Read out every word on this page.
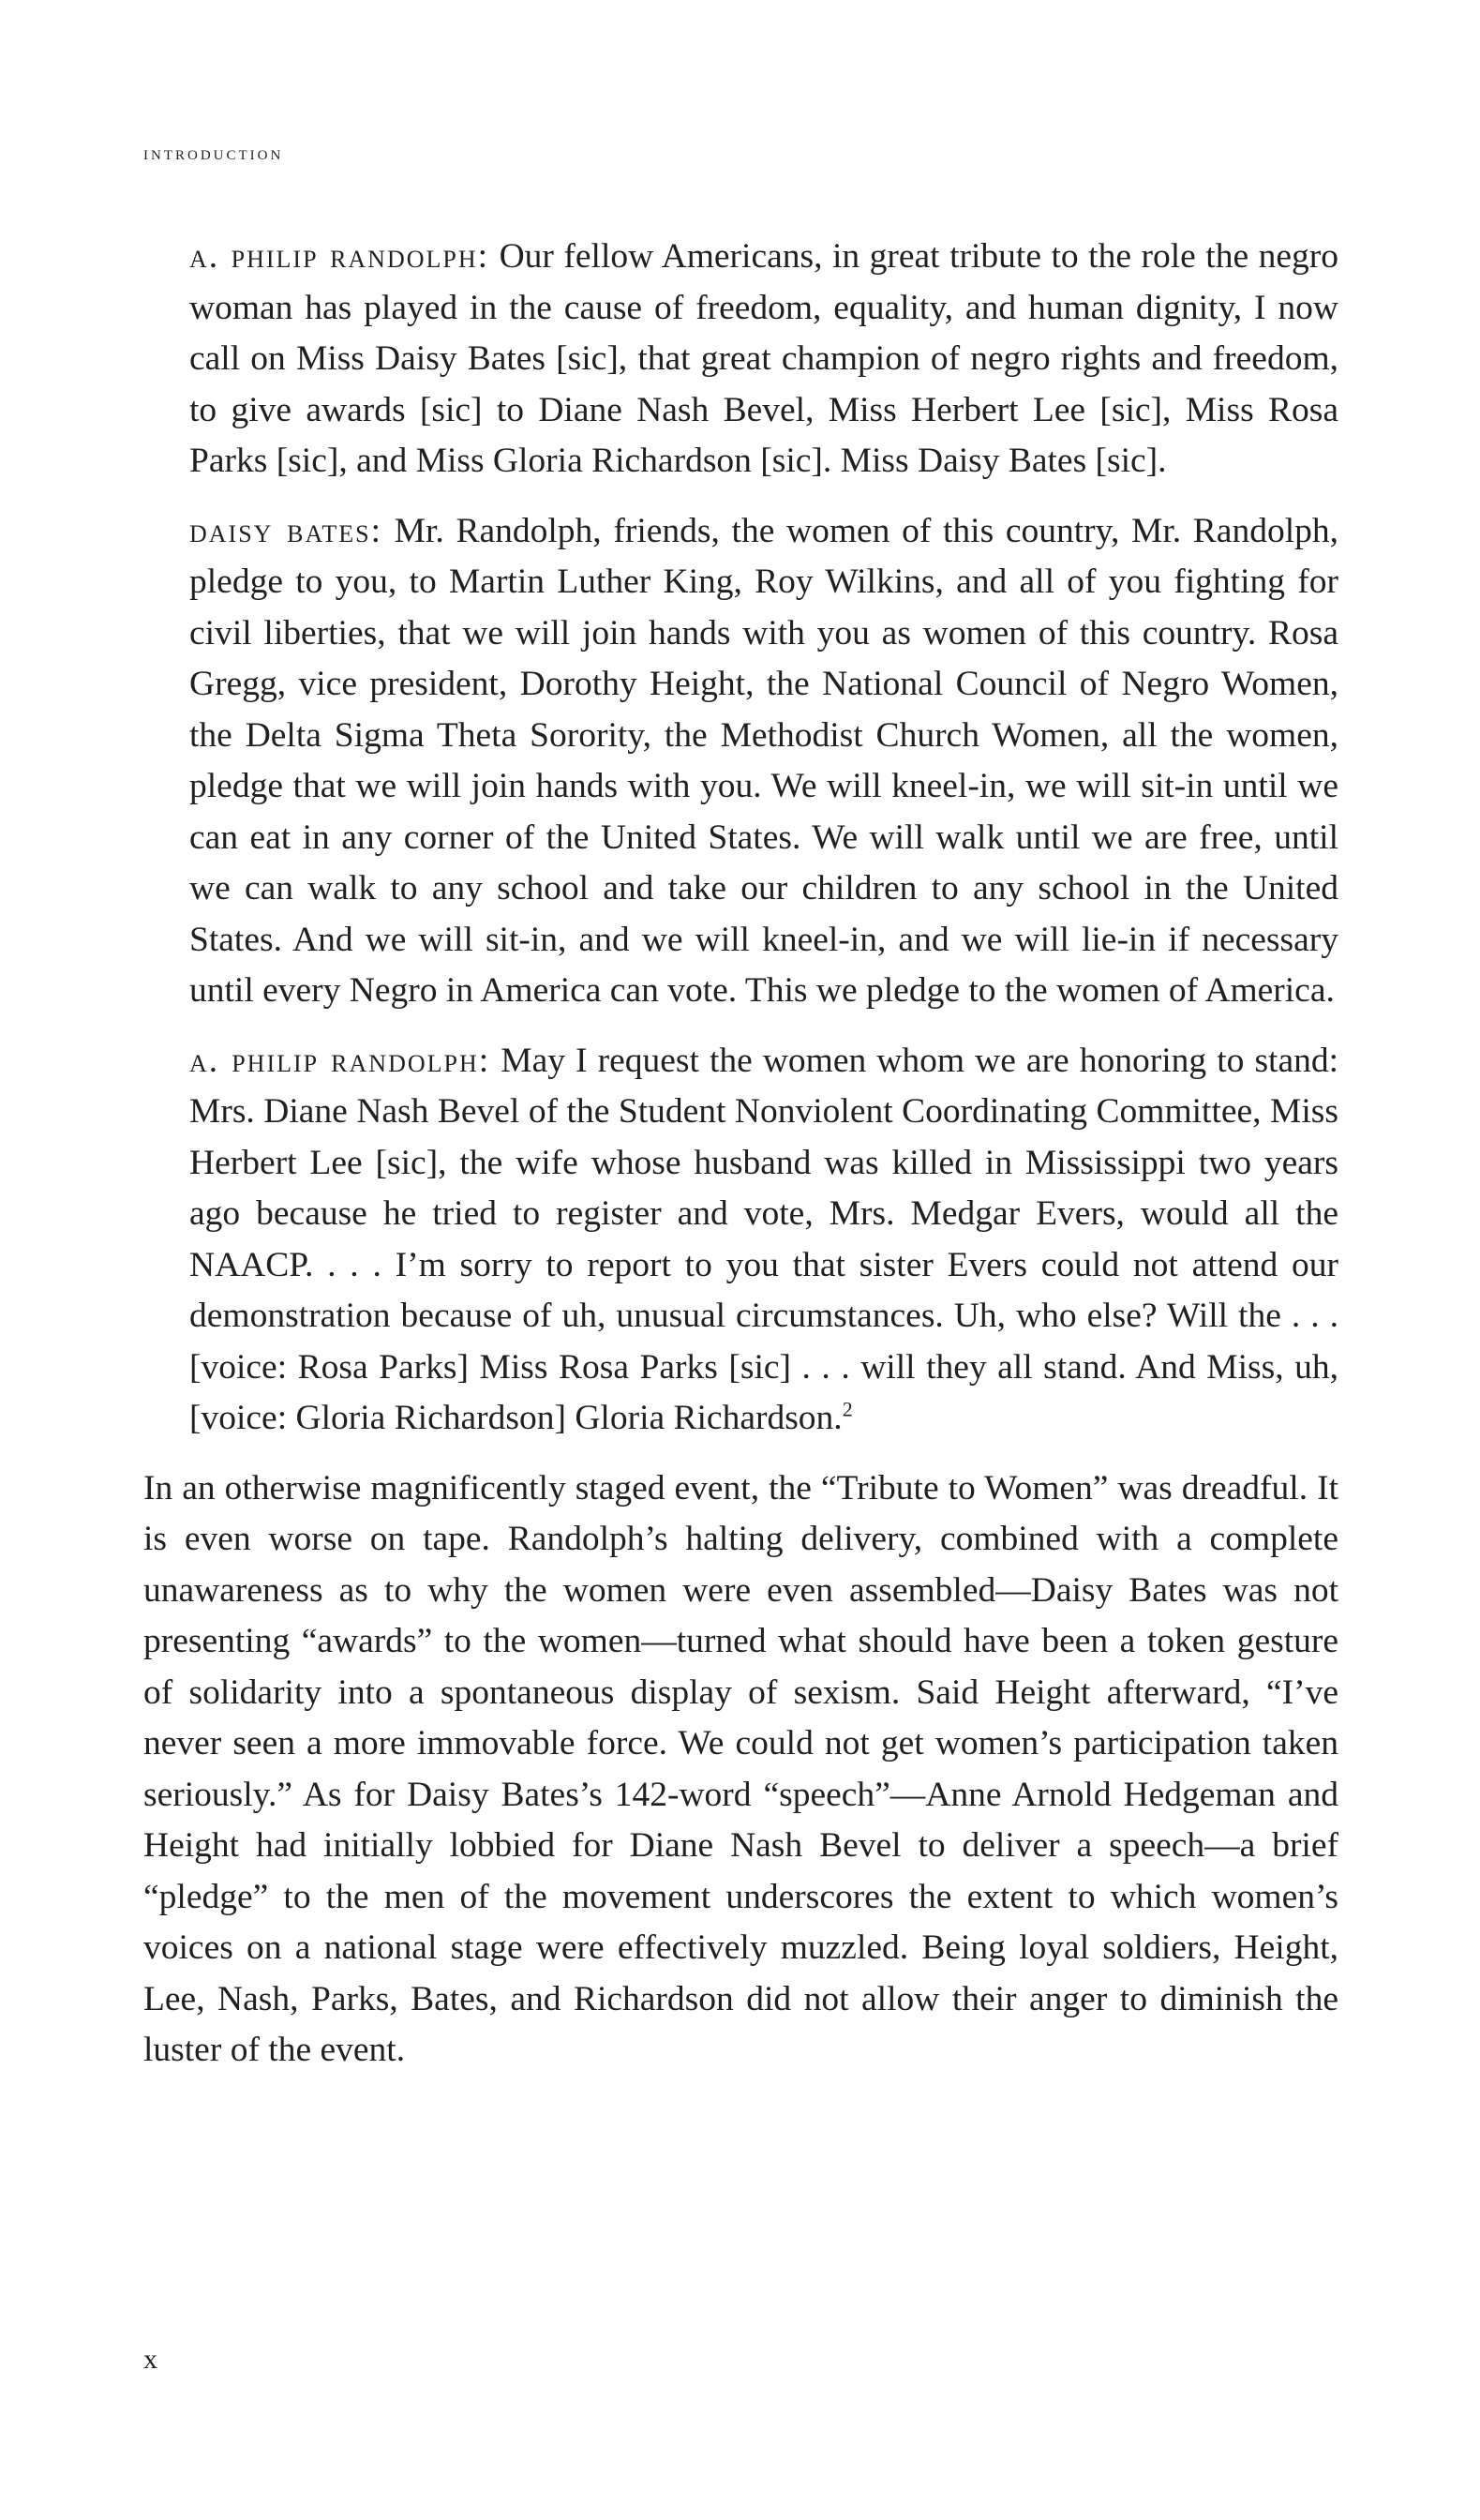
introduction

a. philip randolph: Our fellow Americans, in great tribute to the role the negro woman has played in the cause of freedom, equality, and human dignity, I now call on Miss Daisy Bates [sic], that great champion of negro rights and freedom, to give awards [sic] to Diane Nash Bevel, Miss Herbert Lee [sic], Miss Rosa Parks [sic], and Miss Gloria Richardson [sic]. Miss Daisy Bates [sic].

daisy bates: Mr. Randolph, friends, the women of this country, Mr. Randolph, pledge to you, to Martin Luther King, Roy Wilkins, and all of you fighting for civil liberties, that we will join hands with you as women of this country. Rosa Gregg, vice president, Dorothy Height, the National Council of Negro Women, the Delta Sigma Theta Sorority, the Methodist Church Women, all the women, pledge that we will join hands with you. We will kneel-in, we will sit-in until we can eat in any corner of the United States. We will walk until we are free, until we can walk to any school and take our children to any school in the United States. And we will sit-in, and we will kneel-in, and we will lie-in if necessary until every Negro in America can vote. This we pledge to the women of America.

a. philip randolph: May I request the women whom we are honoring to stand: Mrs. Diane Nash Bevel of the Student Nonviolent Coordinating Committee, Miss Herbert Lee [sic], the wife whose husband was killed in Mississippi two years ago because he tried to register and vote, Mrs. Medgar Evers, would all the NAACP. . . . I’m sorry to report to you that sister Evers could not attend our demonstration because of uh, unusual circumstances. Uh, who else? Will the . . . [voice: Rosa Parks] Miss Rosa Parks [sic] . . . will they all stand. And Miss, uh, [voice: Gloria Richardson] Gloria Richardson.$^2$

In an otherwise magnificently staged event, the “Tribute to Women” was dreadful. It is even worse on tape. Randolph’s halting delivery, combined with a complete unawareness as to why the women were even assembled—Daisy Bates was not presenting “awards” to the women—turned what should have been a token gesture of solidarity into a spontaneous display of sexism. Said Height afterward, “I’ve never seen a more immovable force. We could not get women’s participation taken seriously.” As for Daisy Bates’s 142-word “speech”—Anne Arnold Hedgeman and Height had initially lobbied for Diane Nash Bevel to deliver a speech—a brief “pledge” to the men of the movement underscores the extent to which women’s voices on a national stage were effectively muzzled. Being loyal soldiers, Height, Lee, Nash, Parks, Bates, and Richardson did not allow their anger to diminish the luster of the event.

x
